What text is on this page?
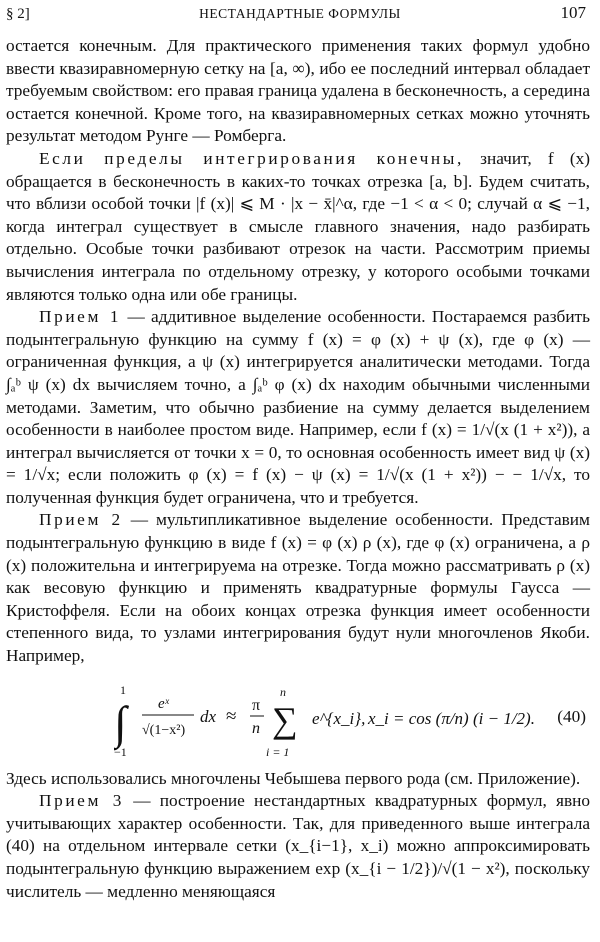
§ 2]	НЕСТАНДАРТНЫЕ ФОРМУЛЫ	107

остается конечным. Для практического применения таких формул удобно ввести квазиравномерную сетку на [a, ∞), ибо ее последний интервал обладает требуемым свойством: его правая граница удалена в бесконечность, а середина остается конечной. Кроме того, на квазиравномерных сетках можно уточнять результат методом Рунге — Ромберга.

Если пределы интегрирования конечны, значит, f (x) обращается в бесконечность в каких-то точках отрезка [a, b]. Будем считать, что вблизи особой точки |f (x)| ⩽ M · |x − x̄|^α, где −1 < α < 0; случай α ⩽ −1, когда интеграл существует в смысле главного значения, надо разбирать отдельно. Особые точки разбивают отрезок на части. Рассмотрим приемы вычисления интеграла по отдельному отрезку, у которого особыми точками являются только одна или обе границы.

Прием 1 — аддитивное выделение особенности. Постараемся разбить подынтегральную функцию на сумму f (x) = φ (x) + ψ (x), где φ (x) — ограниченная функция, а ψ (x) интегрируется аналитически методами. Тогда ∫ₐᵇ ψ (x) dx вычисляем точно, а ∫ₐᵇ φ (x) dx находим обычными численными методами. Заметим, что обычно разбиение на сумму делается выделением особенности в наиболее простом виде. Например, если f (x) = 1/√(x (1 + x²)), а интеграл вычисляется от точки x = 0, то основная особенность имеет вид ψ (x) = 1/√x; если положить φ (x) = f (x) − ψ (x) = 1/√(x (1 + x²)) − − 1/√x, то полученная функция будет ограничена, что и требуется.

Прием 2 — мультипликативное выделение особенности. Представим подынтегральную функцию в виде f (x) = φ (x) ρ (x), где φ (x) ограничена, а ρ (x) положительна и интегрируема на отрезке. Тогда можно рассматривать ρ (x) как весовую функцию и применять квадратурные формулы Гаусса — Кристоффеля. Если на обоих концах отрезка функция имеет особенности степенного вида, то узлами интегрирования будут нули многочленов Якоби. Например,

1
∫
−1
eˣ
√(1−x²)
dx ≈
π
n
n
∑
i = 1
e^{x_i}, x_i = cos (π/n) (i − 1/2). (40)

Здесь использовались многочлены Чебышева первого рода (см. Приложение).

Прием 3 — построение нестандартных квадратурных формул, явно учитывающих характер особенности. Так, для приведенного выше интеграла (40) на отдельном интервале сетки (x_{i−1}, x_i) можно аппроксимировать подынтегральную функцию выражением exp (x_{i − 1/2})/√(1 − x²), поскольку числитель — медленно меняющаяся
